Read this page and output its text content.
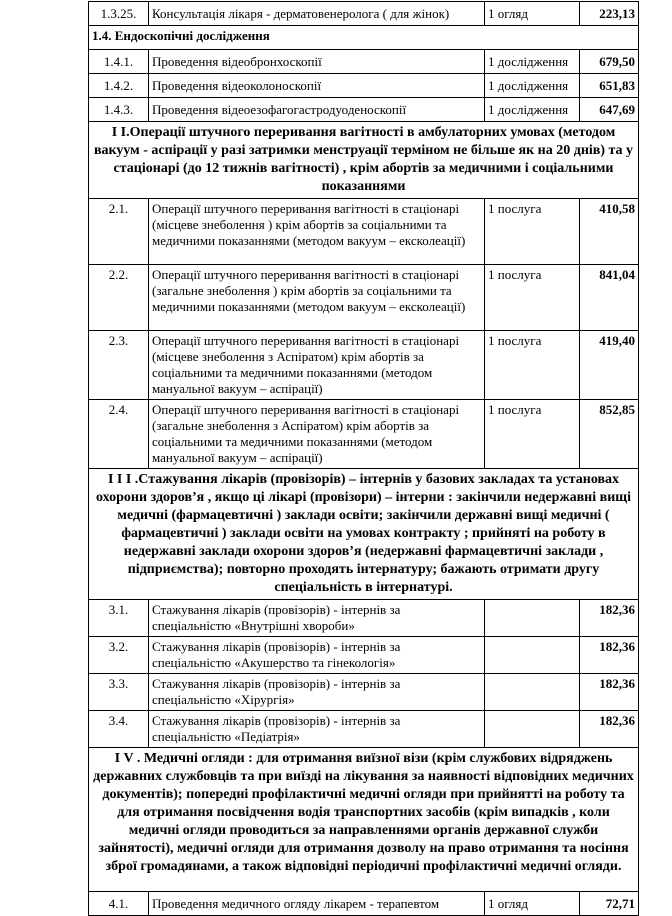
1.3.25.	Консультація лікаря - дерматовенеролога ( для жінок)	1 огляд	223,13
1.4. Ендоскопічні дослідження			
1.4.1.	Проведення відеобронхоскопії	1 дослідження	679,50
1.4.2.	Проведення відеоколоноскопії	1 дослідження	651,83
1.4.3.	Проведення відеоезофагогастродуоденоскопії	1 дослідження	647,69
І І.Операції штучного переривання вагітності в амбулаторних умовах (методом вакуум - аспірації у разі затримки менструації терміном не більше як на 20 днів) та у стаціонарі (до 12 тижнів вагітності) , крім абортів за медичними і соціальними показаннями			
2.1.	Операції штучного переривання вагітності в стаціонарі (місцеве знеболення ) крім абортів за соціальними та медичними показаннями (методом вакуум – ексколеації)	1 послуга	410,58
2.2.	Операції штучного переривання вагітності в стаціонарі (загальне знеболення ) крім абортів за соціальними та медичними показаннями (методом вакуум – ексколеації)	1 послуга	841,04
2.3.	Операції штучного переривання вагітності в стаціонарі (місцеве знеболення з Аспіратом) крім абортів за соціальними та медичними показаннями (методом мануальної вакуум – аспірації)	1 послуга	419,40
2.4.	Операції штучного переривання вагітності в стаціонарі (загальне знеболення з Аспіратом) крім абортів за соціальними та медичними показаннями (методом мануальної вакуум – аспірації)	1 послуга	852,85
І І І .Стажування лікарів (провізорів) – інтернів у базових закладах та установах охорони здоров’я , якщо ці лікарі (провізори) – інтерни : закінчили недержавні вищі медичні (фармацевтичні ) заклади освіти; закінчили державні вищі медичні ( фармацевтичні ) заклади освіти на умовах контракту ; прийняті на роботу в недержавні заклади охорони здоров’я (недержавні фармацевтичні заклади , підприємства); повторно проходять інтернатуру; бажають отримати другу спеціальність в інтернатурі.			
3.1.	Стажування лікарів (провізорів) - інтернів за спеціальністю «Внутрішні хвороби»		182,36
3.2.	Стажування лікарів (провізорів) - інтернів за спеціальністю «Акушерство та гінекологія»		182,36
3.3.	Стажування лікарів (провізорів) - інтернів за спеціальністю «Хірургія»		182,36
3.4.	Стажування лікарів (провізорів) - інтернів за спеціальністю «Педіатрія»		182,36
І V . Медичні огляди : для отримання виїзної візи (крім службових відряджень державних службовців та при виїзді на лікування за наявності відповідних медичних документів); попередні профілактичні медичні огляди при прийнятті на роботу та для отримання посвідчення водія транспортних засобів (крім випадків , коли медичні огляди проводиться за направленнями органів державної служби зайнятості), медичні огляди для отримання дозволу на право отримання та носіння зброї громадянами, а також відповідні періодичні профілактичні медичні огляди.			
4.1.	Проведення медичного огляду лікарем - терапевтом	1 огляд	72,71
